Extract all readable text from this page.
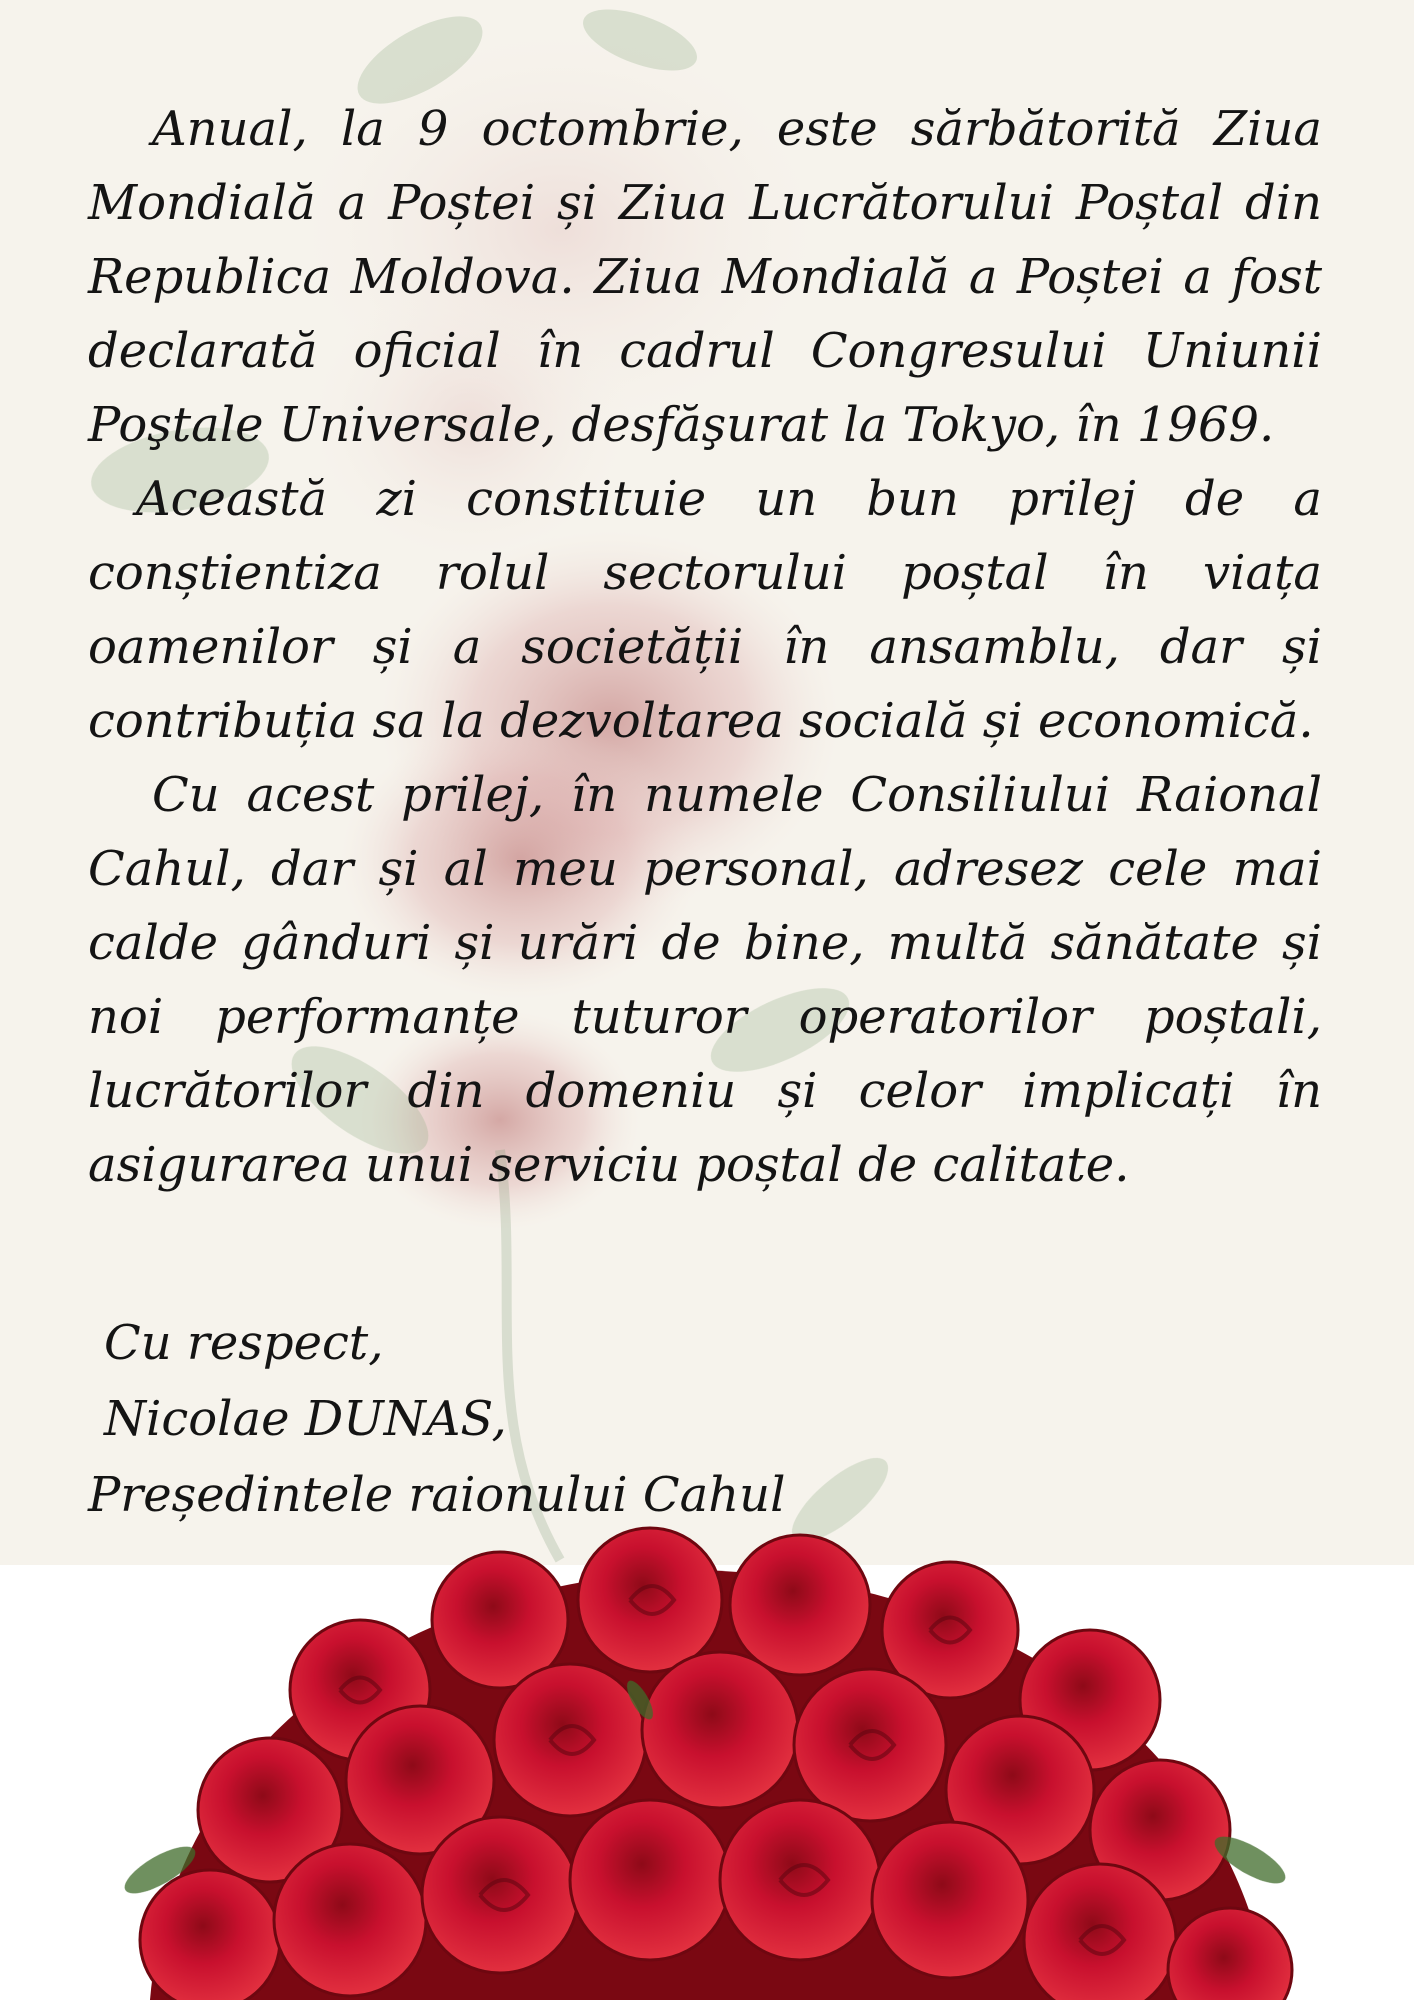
Anual, la 9 octombrie, este sărbătorită Ziua Mondială a Poștei și Ziua Lucrătorului Poștal din Republica Moldova. Ziua Mondială a Poștei a fost declarată oficial în cadrul Congresului Uniunii Poştale Universale, desfăşurat la Tokyo, în 1969.

Această zi constituie un bun prilej de a conștientiza rolul sectorului poștal în viața oamenilor și a societății în ansamblu, dar și contribuția sa la dezvoltarea socială și economică.

Cu acest prilej, în numele Consiliului Raional Cahul, dar și al meu personal, adresez cele mai calde gânduri și urări de bine, multă sănătate și noi performanțe tuturor operatorilor poștali, lucrătorilor din domeniu și celor implicați în asigurarea unui serviciu poștal de calitate.

Cu respect,
Nicolae DUNAS,
Președintele raionului Cahul
